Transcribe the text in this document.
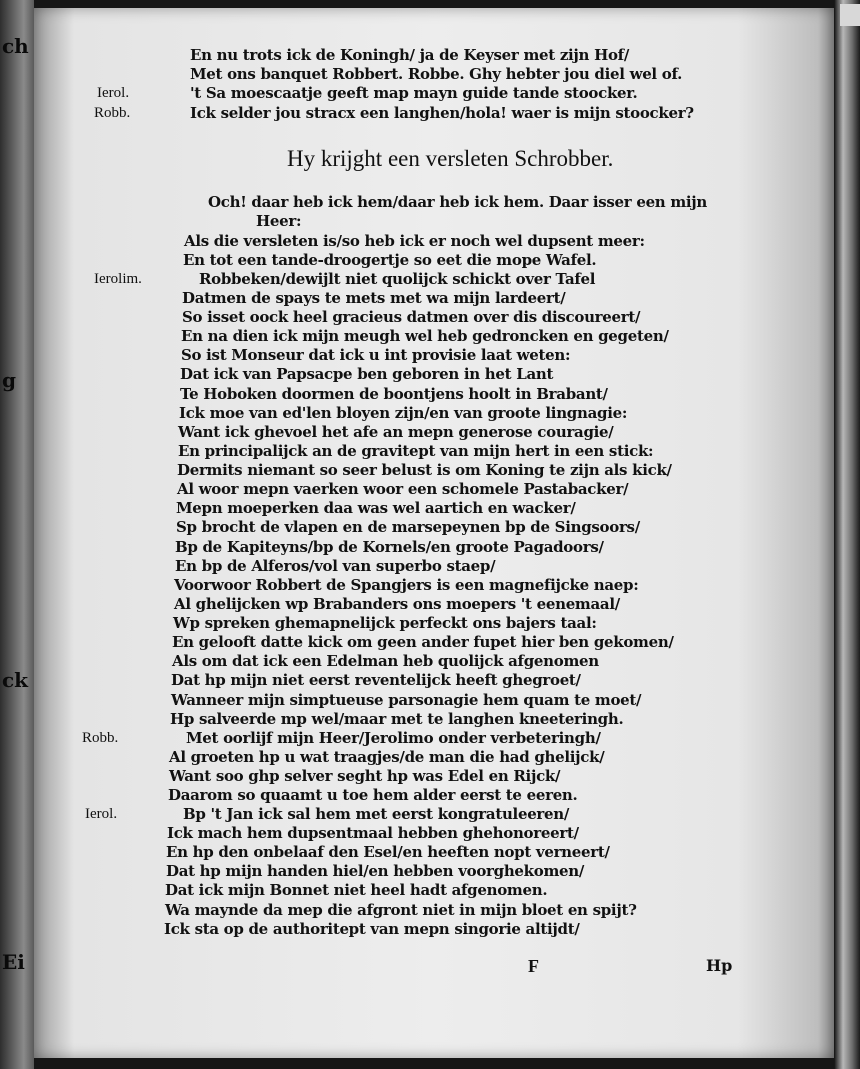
ch
g
ck
Ei
Hy krijght een versleten Schrobber.
F	Hp
En nu trots ick de Koningh/ ja de Keyser met zijn Hof/
Met ons banquet Robbert. Robbe. Ghy hebter jou diel wel of.
't Sa moescaatje geeft map mayn guide tande stoocker.
Ierol.
Ick selder jou stracx een langhen/hola! waer is mijn stoocker?
Robb.
Och! daar heb ick hem/daar heb ick hem. Daar isser een mijn
Heer:
Als die versleten is/so heb ick er noch wel dupsent meer:
En tot een tande-droogertje so eet die mope Wafel.
Robbeken/dewijlt niet quolijck schickt over Tafel
Ierolim.
Datmen de spays te mets met wa mijn lardeert/
So isset oock heel gracieus datmen over dis discoureert/
En na dien ick mijn meugh wel heb gedroncken en gegeten/
So ist Monseur dat ick u int provisie laat weten:
Dat ick van Papsacpe ben geboren in het Lant
Te Hoboken doormen de boontjens hoolt in Brabant/
Ick moe van ed'len bloyen zijn/en van groote lingnagie:
Want ick ghevoel het afe an mepn generose couragie/
En principalijck an de gravitept van mijn hert in een stick:
Dermits niemant so seer belust is om Koning te zijn als kick/
Al woor mepn vaerken woor een schomele Pastabacker/
Mepn moeperken daa was wel aartich en wacker/
Sp brocht de vlapen en de marsepeynen bp de Singsoors/
Bp de Kapiteyns/bp de Kornels/en groote Pagadoors/
En bp de Alferos/vol van superbo staep/
Voorwoor Robbert de Spangjers is een magnefijcke naep:
Al ghelijcken wp Brabanders ons moepers 't eenemaal/
Wp spreken ghemapnelijck perfeckt ons bajers taal:
En gelooft datte kick om geen ander fupet hier ben gekomen/
Als om dat ick een Edelman heb quolijck afgenomen
Dat hp mijn niet eerst reventelijck heeft ghegroet/
Wanneer mijn simptueuse parsonagie hem quam te moet/
Hp salveerde mp wel/maar met te langhen kneeteringh.
Met oorlijf mijn Heer/Jerolimo onder verbeteringh/
Robb.
Al groeten hp u wat traagjes/de man die had ghelijck/
Want soo ghp selver seght hp was Edel en Rijck/
Daarom so quaamt u toe hem alder eerst te eeren.
Bp 't Jan ick sal hem met eerst kongratuleeren/
Ierol.
Ick mach hem dupsentmaal hebben ghehonoreert/
En hp den onbelaaf den Esel/en heeften nopt verneert/
Dat hp mijn handen hiel/en hebben voorghekomen/
Dat ick mijn Bonnet niet heel hadt afgenomen.
Wa maynde da mep die afgront niet in mijn bloet en spijt?
Ick sta op de authoritept van mepn singorie altijdt/
